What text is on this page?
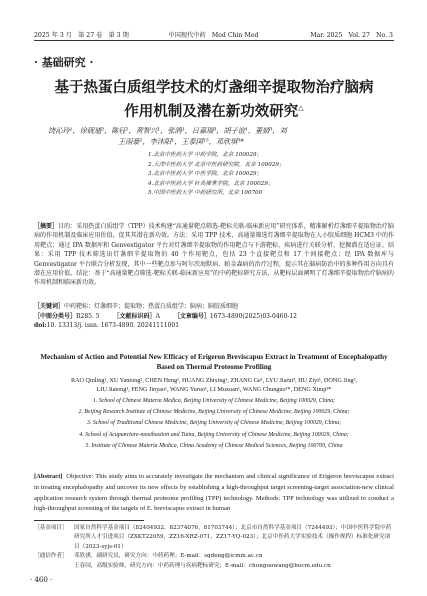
2025 年 3 月　第 27 卷　第 3 期	中国现代中药　Mod Chin Med	Mar. 2025　Vol. 27　No. 3
· 基础研究 ·
基于热蛋白质组学技术的灯盏细辛提取物治疗脑病
作用机制及潜在新功效研究△
饶沁玲¹，徐砚通²，陈钰¹，黄智兴¹，张鸽¹，吕嘉瑞³，胡子谊¹，董婧³，刘
王雨豪¹，李沐阳¹，王泰国¹⁵，邓欣琪³*
1.北京中医药大学 中药学院，北京 100029；
2.天津中医药大学 北京中医药研究院，北京 100029；
3.北京中医药大学 中医学院，北京 100029；
4.北京中医药大学 针灸推拿学院，北京 100029；
5.中国中医药大学 中药研究所，北京 100700
［摘要］目的：采用热蛋白质组学（TPP）技术构建“高通量靶点筛选-靶标关联-临床新应用”研究体系，精准解析灯盏细辛提取物治疗脑病的作用机制及临床应用价值，促其其潜在新功效。方法：采用 TPP 技术，高通量筛选灯盏细辛提取物在人小胶质细胞 HCM3 中的作用靶点；通过 IPA 数据库和 Genvestigator 平台对灯盏细辛提取物的作用靶点与下游靶标、疾病进行关联分析，挖掘潜在适应证。结果：采用 TPP 技术筛选出灯盏细辛提取物的 40 个作用靶点，包括 23 个直接靶点和 17 个间接靶点；经 IPA 数据库与 Genvestigator 平台联合分析发现，其中一些靶点参与阿尔茨海默病、帕金森病的治疗过程，提示其在脑病防治中的多种作用方向具有潜在应用价值。结论：基于“高通量靶点筛选-靶标关联-临床新应用”的中药靶标研究方法，从靶标层面阐明了灯盏细辛提取物治疗脑病的作用机制和临床新功效。
［关键词］中药靶标；灯盏细辛；提取物；热蛋白质组学；脑病；脑胶质细胞
［中图分类号］R285. 5 ［文献标识码］A ［文章编号］1673-4890(2025)03-0460-12
doi:10. 13313/j. issn. 1673-4890. 20241111001
Mechanism of Action and Potential New Efficacy of Erigeron Breviscapus Extract in Treatment of Encephalopathy
Based on Thermal Proteome Profiling
RAO Qinling¹, XU Yantong², CHEN Heng¹, HUANG Zhixing¹, ZHANG Ge¹, LYU Jiarui³, HU Ziyi¹, DONG Jing³,
LIU Jiatong³, FENG Jinyao¹, WANG Yuruo¹, LI Muxuan¹, WANG Chunguo¹*, DENG Xinqi³*
1. School of Chinese Materia Medica, Beijing University of Chinese Medicine, Beijing 100029, China;
2. Beijing Research Institute of Chinese Medicine, Beijing University of Chinese Medicine, Beijing 100029, China;
3. School of Traditional Chinese Medicine, Beijing University of Chinese Medicine, Beijing 100029, China;
4. School of Acupuncture-moxibustion and Tuina, Beijing University of Chinese Medicine, Beijing 100029, China;
5. Institute of Chinese Materia Medica, China Academy of Chinese Medical Sciences, Beijing 100700, China
[Abstract] Objective: This study aims to accurately investigate the mechanism and clinical significance of Erigeron breviscapus extract in treating encephalopathy and uncover its new effects by establishing a high-throughput target screening-target association-new clinical application research system through thermal proteome profiling (TPP) technology. Methods: TPP technology was utilized to conduct a high-throughput screening of the targets of E. breviscapus extract in human
［基金项目］ 国家自然科学基金项目（82404932，82374076，81703744）；北京市自然科学基金项目（7244493）；中国中医科学院中药研究所人才引进项目（ZXKT22059，ZZ16-XRZ-071，ZZ17-YQ-023）；北京中医药大学实验技术（操作规程）标准化研究项目（2023-syjs-01）
［通信作者］ 邓欣祺，副研究员，研究方向：中药药理；E-mail：sqdeng@icmm.ac.cn
王春国，高级实验师，研究方向：中药药理与疾病靶标研究；E-mail：chunguowang@bucm.edu.cn
· 460 ·
